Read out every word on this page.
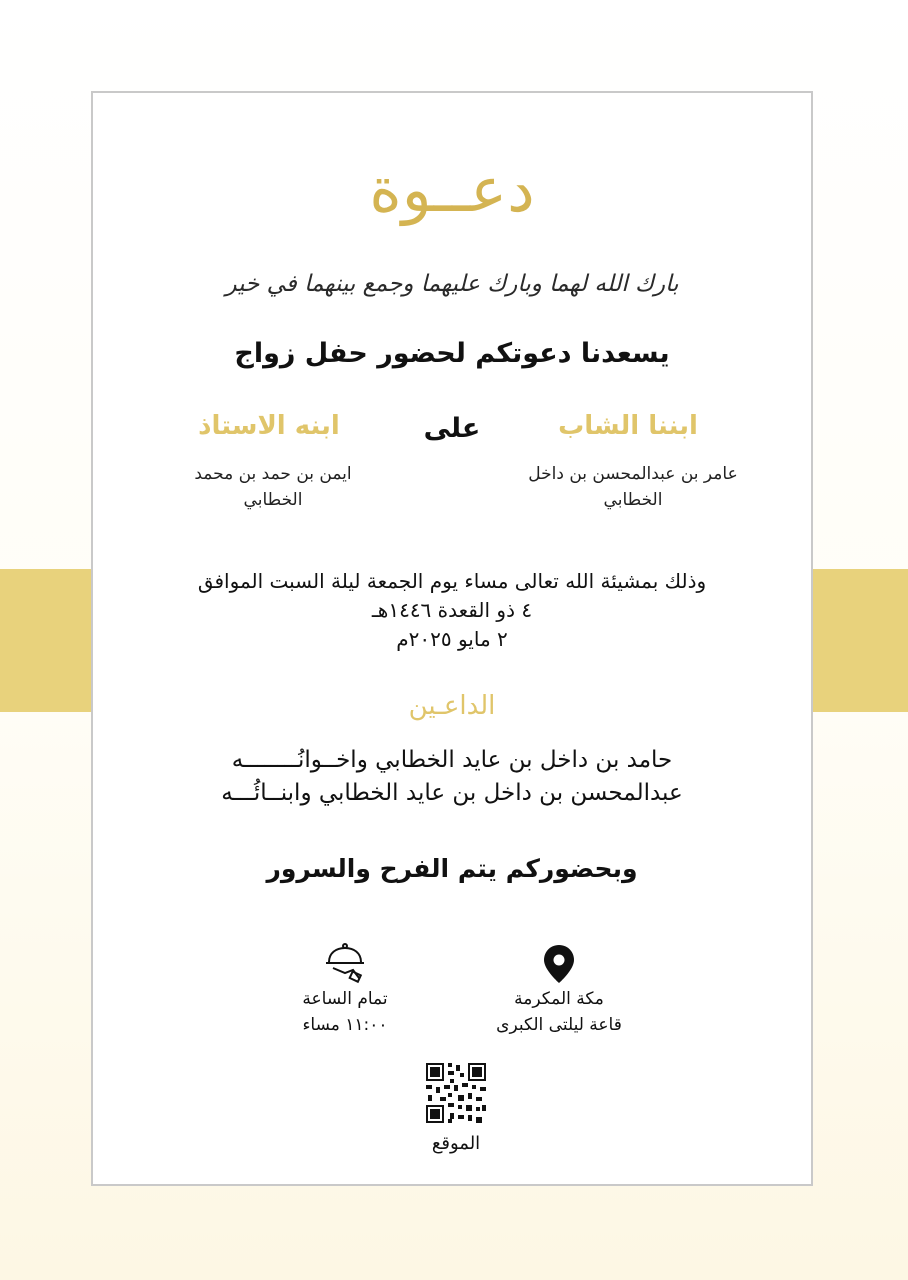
دعــوة
بارك الله لهما وبارك عليهما وجمع بينهما في خير
يسعدنا دعوتكم لحضور حفل زواج
ابننا الشاب
على
ابنه الاستاذ
عامر بن عبدالمحسن بن داخل
الخطابي
ايمن بن حمد بن محمد
الخطابي
وذلك بمشيئة الله تعالى مساء يوم الجمعة ليلة السبت الموافق
٤ ذو القعدة ١٤٤٦هـ
٢ مايو ٢٠٢٥م
الداعـين
حامد بن داخل بن عايد الخطابي واخــوانُــــــــه
عبدالمحسن بن داخل بن عايد الخطابي وابنــائُـــه
وبحضوركم يتم الفرح والسرور
مكة المكرمة
قاعة ليلتى الكبرى
تمام الساعة
١١:٠٠ مساء
الموقع
